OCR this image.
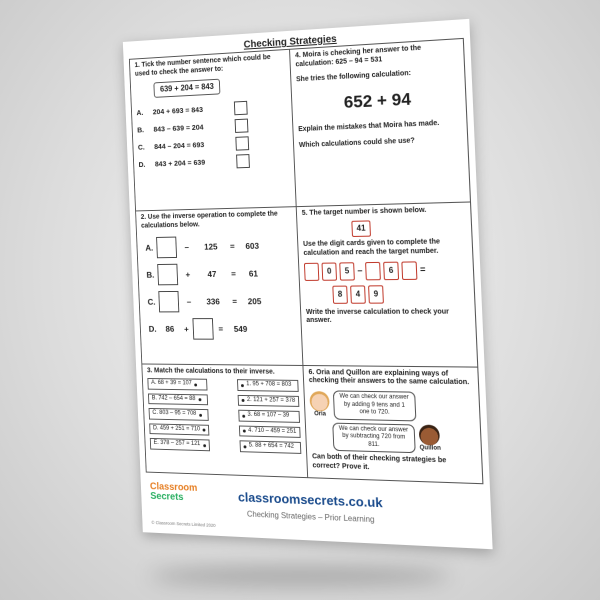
Checking Strategies
1. Tick the number sentence which could be used to check the answer to:
639 + 204 = 843
A.	204 + 693 = 843
B.	843 – 639 = 204
C.	844 – 204 = 693
D.	843 + 204 = 639
2. Use the inverse operation to complete the calculations below.
A.	–	125	=	603
B.	+	47	=	61
C.	–	336	=	205
D.	86	+	=	549
3. Match the calculations to their inverse.
A. 68 + 39 = 107
B. 742 – 654 = 88
C. 803 – 95 = 708
D. 459 + 251 = 710
E. 378 – 257 = 121
1. 95 + 708 = 803
2. 121 + 257 = 378
3. 68 = 107 – 39
4. 710 – 459 = 251
5. 88 + 654 = 742
4. Moira is checking her answer to the calculation: 625 – 94 = 531
She tries the following calculation:
652 + 94
Explain the mistakes that Moira has made.
Which calculations could she use?
5. The target number is shown below.
41
Use the digit cards given to complete the calculation and reach the target number.
0	5 –	6	=
8	4	9
Write the inverse calculation to check your answer.
6. Oria and Quillon are explaining ways of checking their answers to the same calculation.
Oria
We can check our answer by adding 9 tens and 1 one to 720.
We can check our answer by subtracting 720 from 811.
Quillon
Can both of their checking strategies be correct? Prove it.
Classroom
Secrets
© Classroom Secrets Limited 2020
classroomsecrets.co.uk
Checking Strategies – Prior Learning
